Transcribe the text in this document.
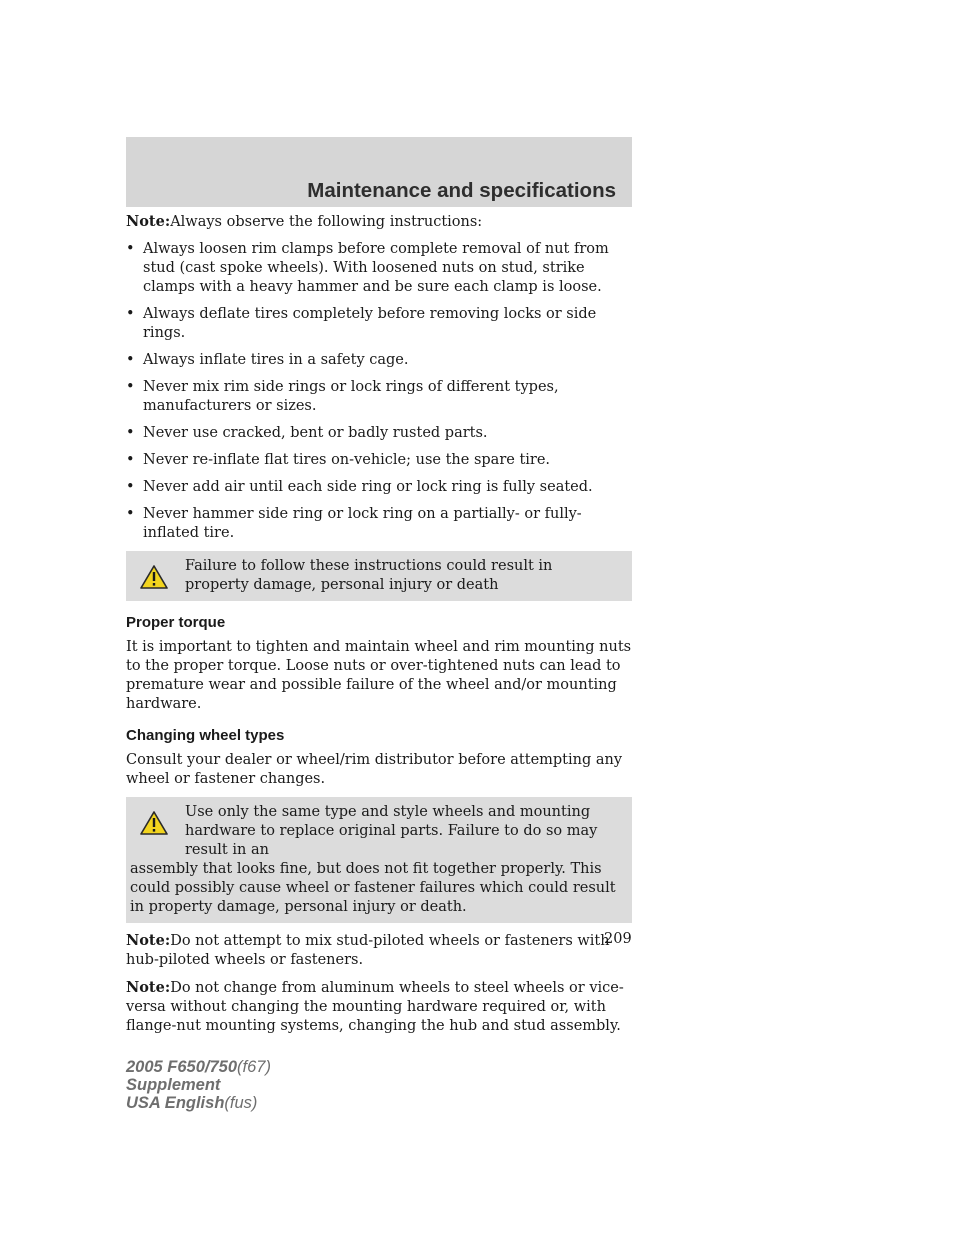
Maintenance and specifications

Note:Always observe the following instructions:

• Always loosen rim clamps before complete removal of nut from stud (cast spoke wheels). With loosened nuts on stud, strike clamps with a heavy hammer and be sure each clamp is loose.
• Always deflate tires completely before removing locks or side rings.
• Always inflate tires in a safety cage.
• Never mix rim side rings or lock rings of different types, manufacturers or sizes.
• Never use cracked, bent or badly rusted parts.
• Never re-inflate flat tires on-vehicle; use the spare tire.
• Never add air until each side ring or lock ring is fully seated.
• Never hammer side ring or lock ring on a partially- or fully-inflated tire.
Failure to follow these instructions could result in property damage, personal injury or death
Proper torque

It is important to tighten and maintain wheel and rim mounting nuts to the proper torque. Loose nuts or over-tightened nuts can lead to premature wear and possible failure of the wheel and/or mounting hardware.

Changing wheel types

Consult your dealer or wheel/rim distributor before attempting any wheel or fastener changes.

Use only the same type and style wheels and mounting hardware to replace original parts. Failure to do so may result in an
assembly that looks fine, but does not fit together properly. This could possibly cause wheel or fastener failures which could result in property damage, personal injury or death.

Note:Do not attempt to mix stud-piloted wheels or fasteners with hub-piloted wheels or fasteners.

Note:Do not change from aluminum wheels to steel wheels or vice-versa without changing the mounting hardware required or, with flange-nut mounting systems, changing the hub and stud assembly.

209
2005 F650/750(f67)
Supplement
USA English(fus)
